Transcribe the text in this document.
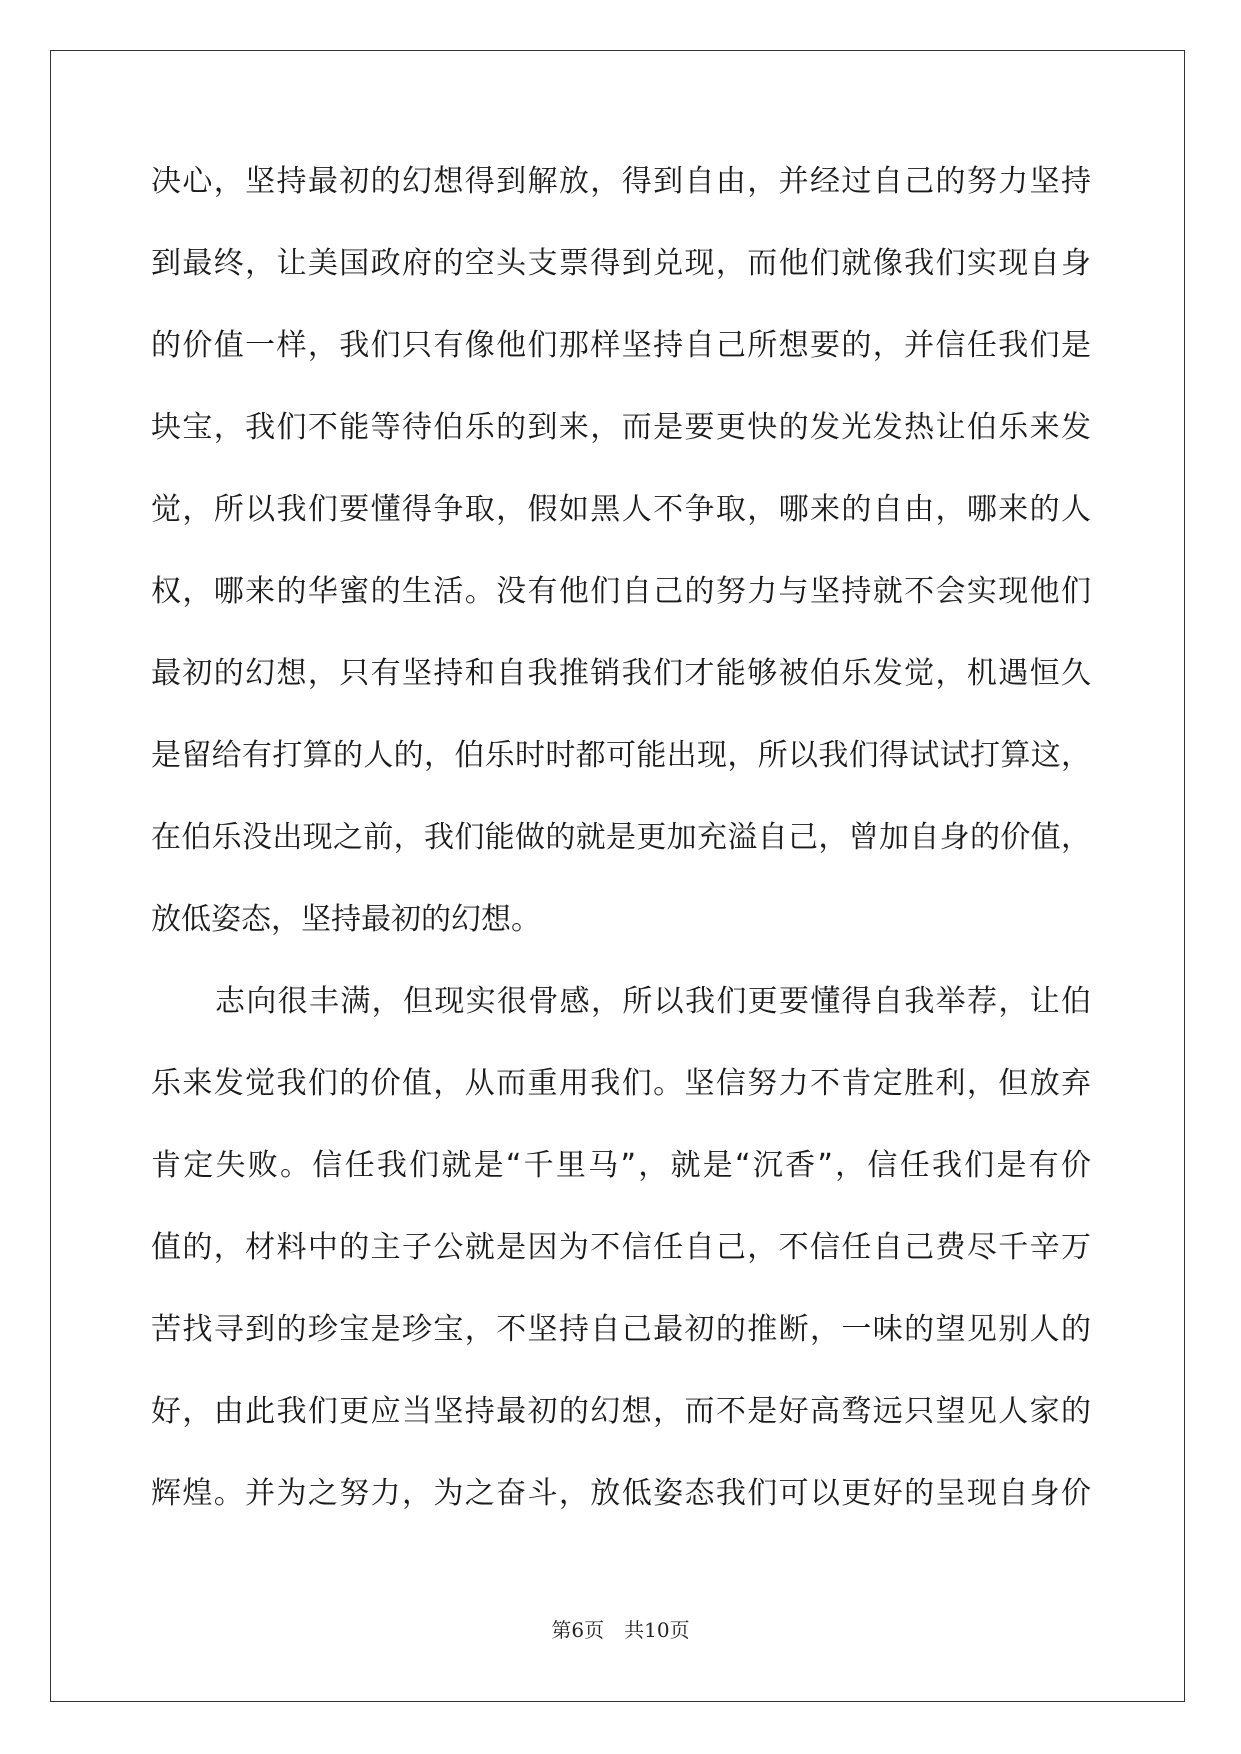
决心，坚持最初的幻想得到解放，得到自由，并经过自己的努力坚持
到最终，让美国政府的空头支票得到兑现，而他们就像我们实现自身
的价值一样，我们只有像他们那样坚持自己所想要的，并信任我们是
块宝，我们不能等待伯乐的到来，而是要更快的发光发热让伯乐来发
觉，所以我们要懂得争取，假如黑人不争取，哪来的自由，哪来的人
权，哪来的华蜜的生活。没有他们自己的努力与坚持就不会实现他们
最初的幻想，只有坚持和自我推销我们才能够被伯乐发觉，机遇恒久
是留给有打算的人的，伯乐时时都可能出现，所以我们得试试打算这，
在伯乐没出现之前，我们能做的就是更加充溢自己，曾加自身的价值，
放低姿态，坚持最初的幻想。
志向很丰满，但现实很骨感，所以我们更要懂得自我举荐，让伯
乐来发觉我们的价值，从而重用我们。坚信努力不肯定胜利，但放弃
肯定失败。信任我们就是“千里马”，就是“沉香”，信任我们是有价
值的，材料中的主子公就是因为不信任自己，不信任自己费尽千辛万
苦找寻到的珍宝是珍宝，不坚持自己最初的推断，一味的望见别人的
好，由此我们更应当坚持最初的幻想，而不是好高骛远只望见人家的
辉煌。并为之努力，为之奋斗，放低姿态我们可以更好的呈现自身价
第6页　共10页
